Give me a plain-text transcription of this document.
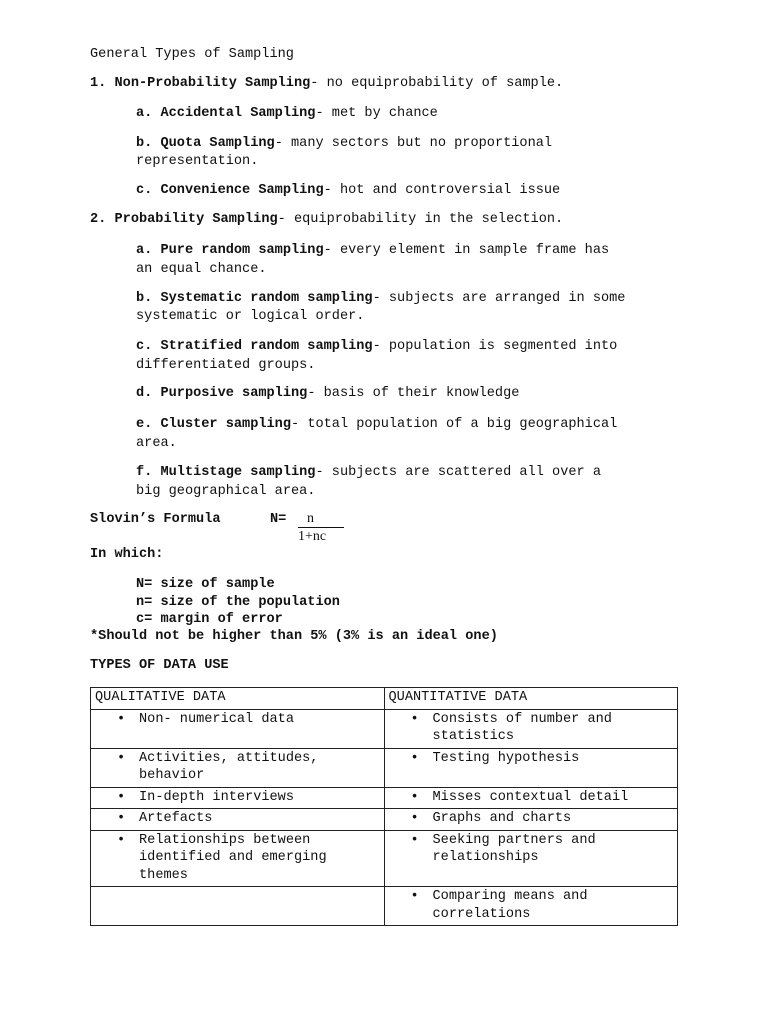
General Types of Sampling
1. Non-Probability Sampling- no equiprobability of sample.
a. Accidental Sampling- met by chance
b. Quota Sampling- many sectors but no proportional
representation.
c. Convenience Sampling- hot and controversial issue
2. Probability Sampling- equiprobability in the selection.
a. Pure random sampling- every element in sample frame has
an equal chance.
b. Systematic random sampling- subjects are arranged in some
systematic or logical order.
c. Stratified random sampling- population is segmented into
differentiated groups.
d. Purposive sampling- basis of their knowledge
e. Cluster sampling- total population of a big geographical
area.
f. Multistage sampling- subjects are scattered all over a
big geographical area.
Slovin’s Formula	N= n
1+nc
In which:
N= size of sample
n= size of the population
c= margin of error
*Should not be higher than 5% (3% is an ideal one)
TYPES OF DATA USE
QUALITATIVE DATA	QUANTITATIVE DATA

• Non- numerical data	• Consists of number and statistics

• Activities, attitudes, behavior	• Testing hypothesis

• In-depth interviews	• Misses contextual detail

• Artefacts	• Graphs and charts

• Relationships between identified and emerging themes	• Seeking partners and relationships

	• Comparing means and correlations
